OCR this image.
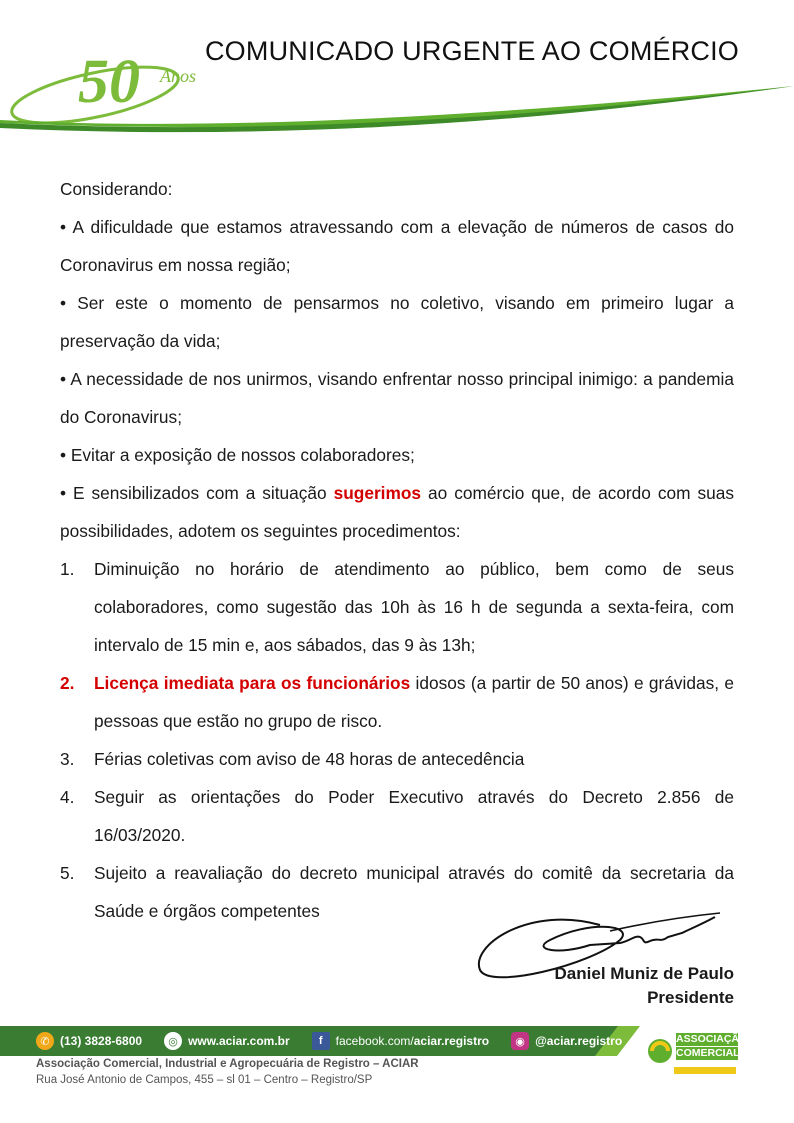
50 Anos
COMUNICADO URGENTE AO COMÉRCIO

Considerando:

• A dificuldade que estamos atravessando com a elevação de números de casos do Coronavirus em nossa região;

• Ser este o momento de pensarmos no coletivo, visando em primeiro lugar a preservação da vida;

• A necessidade de nos unirmos, visando enfrentar nosso principal inimigo: a pandemia do Coronavirus;

• Evitar a exposição de nossos colaboradores;

• E sensibilizados com a situação sugerimos ao comércio que, de acordo com suas possibilidades, adotem os seguintes procedimentos:

1. Diminuição no horário de atendimento ao público, bem como de seus colaboradores, como sugestão das 10h às 16 h de segunda a sexta-feira, com intervalo de 15 min e, aos sábados, das 9 às 13h;
2. Licença imediata para os funcionários idosos (a partir de 50 anos) e grávidas, e pessoas que estão no grupo de risco.
3. Férias coletivas com aviso de 48 horas de antecedência
4. Seguir as orientações do Poder Executivo através do Decreto 2.856 de 16/03/2020.
5. Sujeito a reavaliação do decreto municipal através do comitê da secretaria da Saúde e órgãos competentes
Daniel Muniz de Paulo
Presidente
✆ (13) 3828-6800	◎ www.aciar.com.br	f	facebook.com/aciar.registro	◉ @aciar.registro
Associação Comercial, Industrial e Agropecuária de Registro – ACIAR
Rua José Antonio de Campos, 455 – sl 01 – Centro – Registro/SP
ASSOCIAÇÃO
COMERCIAL
